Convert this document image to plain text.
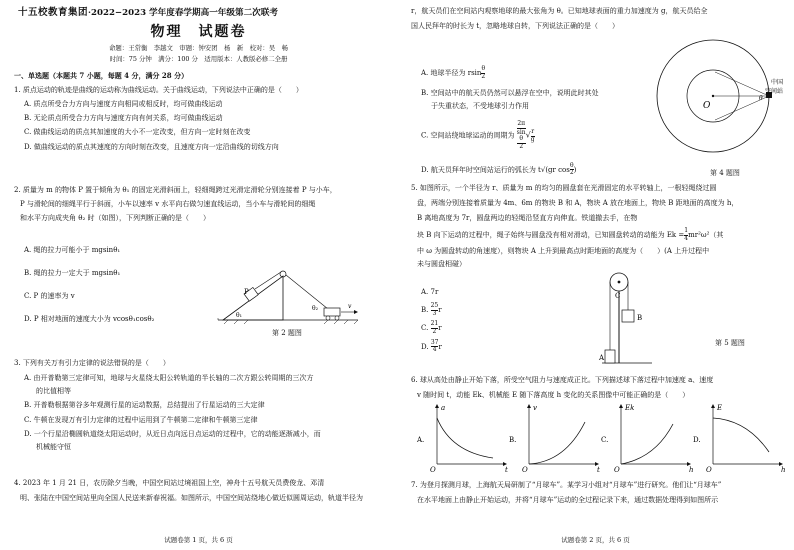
十五校教育集团·2022−2023 学年度春学期高一年级第二次联考
物理　试题卷
命题：王常衡　李越文　审题：钟安团　杨　新　校对：吴　畅
时间：75 分钟　满分：100 分　适用版本：人教版必修二全册

一、单选题（本题共 7 小题，每题 4 分，满分 28 分）

1. 质点运动的轨迹是曲线的运动称为曲线运动。关于曲线运动，下列说法中正确的是（　　）

A. 质点所受合力方向与速度方向相同或相反时，均可做曲线运动

B. 无论质点所受合力方向与速度方向有何关系，均可做曲线运动

C. 做曲线运动的质点其加速度的大小不一定改变，但方向一定时刻在改变

D. 做曲线运动的质点其速度的方向时刻在改变，且速度方向一定沿曲线的切线方向

2. 质量为 m 的物体 P 置于倾角为 θ₁ 的固定光滑斜面上，轻细绳跨过光滑定滑轮分别连接着 P 与小车，

P 与滑轮间的细绳平行于斜面，小车以速率 v 水平向右做匀速直线运动，当小车与滑轮间的细绳

和水平方向成夹角 θ₂ 时（如图），下列判断正确的是（　　）

A. 绳的拉力可能小于 mgsinθ₁

B. 绳的拉力一定大于 mgsinθ₁

C. P 的速率为 v

D. P 相对地面的速度大小为 vcosθ₁cosθ₂

P
θ₁
θ₂	v
第 2 题图

3. 下列有关万有引力定律的说法错误的是（　　）

A. 由开普勒第三定律可知，地球与火星绕太阳公转轨道的半长轴的二次方跟公转周期的三次方

的比值相等

B. 开普勒根据第谷多年观测行星的运动数据，总结提出了行星运动的三大定律

C. 牛顿在发现万有引力定律的过程中运用到了牛顿第二定律和牛顿第三定律

D. 一个行星沿椭圆轨道绕太阳运动时，从近日点向远日点运动的过程中，它的动能逐渐减小，而

机械能守恒

4. 2023 年 1 月 21 日，农历除夕当晚，中国空间站过境祖国上空，神舟十五号航天员费俊龙、邓清

明、张陆在中国空间站里向全国人民送来新春祝福。如图所示，中国空间站绕地心做近似圆周运动，轨道半径为

试题卷第 1 页，共 6 页

r，航天员们在空间站内观察地球的最大张角为 θ。已知地球表面的重力加速度为 g，航天员给全

国人民拜年的时长为 t，忽略地球自转，下列说法正确的是（　　）

A. 地球半径为 rsin $\frac{\theta}{2}$

B. 空间站中的航天员仍然可以悬浮在空中，说明此时其处

于失重状态，不受地球引力作用

C. 空间站绕地球运动的周期为 2π
sin
θ
2 √ $\frac{r}{g}$

D. 航天员拜年时空间站运行的弧长为 t√(gr $\cos \frac{\theta}{2}$ )

O
θ
中国
空间站
第 4 题图

5. 如图所示，一个半径为 r、质量为 m 的均匀的圆盘套在光滑固定的水平转轴上，一根轻绳绕过圆

盘，两端分别连接着质量为 4m、6m 的物块 B 和 A，物块 A 放在地面上，物块 B 距地面的高度为 h，

B 离地高度为 7r，圆盘两边的轻绳沿竖直方向伸直。铁道撤去手，在物

块 B 向下运动的过程中，绳子始终与圆盘没有相对滑动，已知圆盘转动的动能为 $Ek = \frac{1}{4} mr^2\omega^2$（其

中 ω 为圆盘转动的角速度），则物块 A 上升到最高点时距地面的高度为（　　）(A 上升过程中

未与圆盘相碰）

A. 7r

B. $\frac{25}{3}$ r

C. $\frac{21}{2}$ r

D. $\frac{37}{4}$ r

C
B
A
第 5 题图

6. 球从高处由静止开始下落，所受空气阻力与速度成正比。下列描述球下落过程中加速度 a、速度

v 随时间 t，动能 Ek、机械能 E 随下落高度 h 变化的关系图像中可能正确的是（　　）

A.
a
t
O
B.
v
t
O
C.
Ek
h
O
D.
E
h
O

7. 为登月探测月球，上海航天局研制了“月球车”。某学习小组对“月球车”进行研究。他们让“月球车”

在水平地面上由静止开始运动，并将“月球车”运动的全过程记录下来，通过数据处理得到如图所示

试题卷第 2 页，共 6 页
